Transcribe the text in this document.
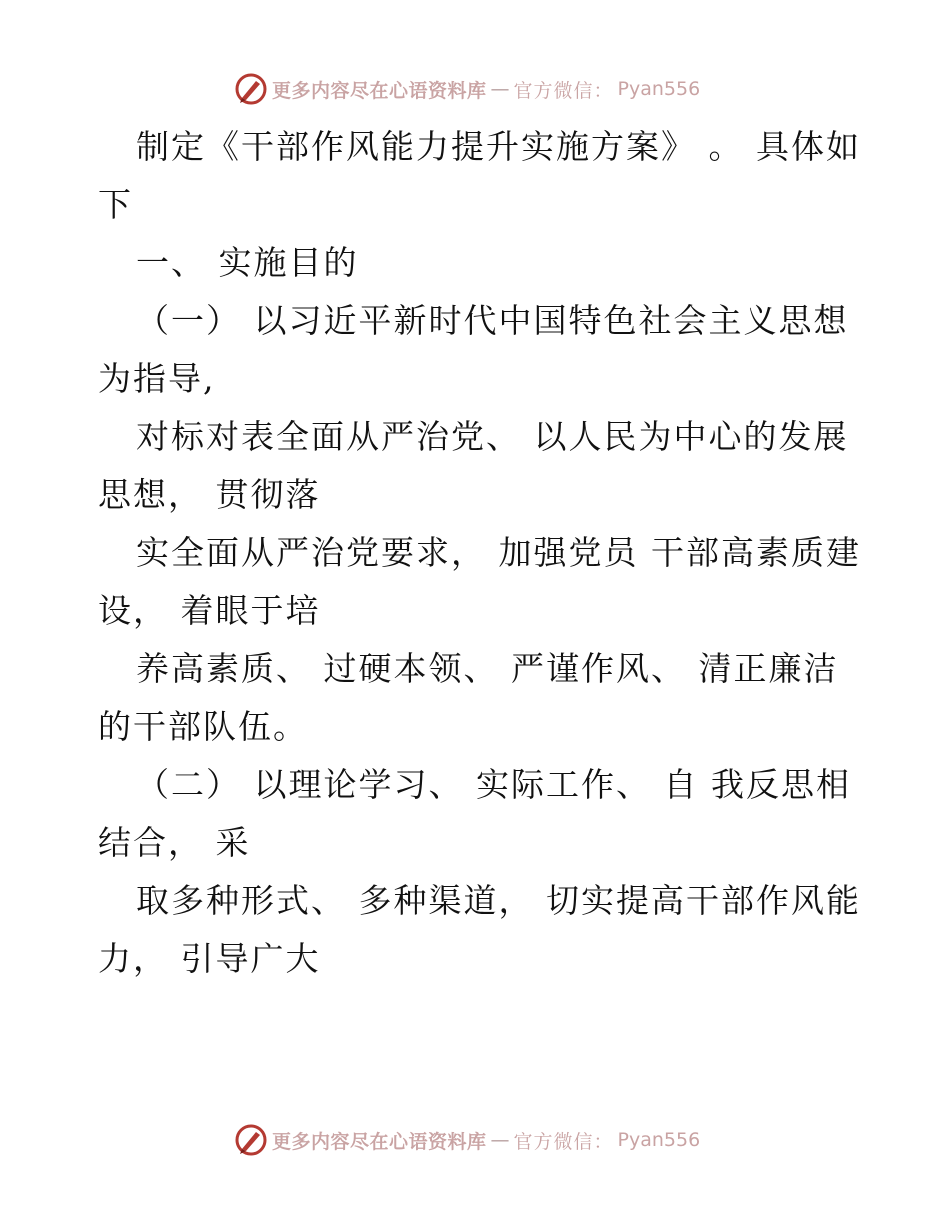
更多内容尽在心语资料库 — 官方微信： Pyan556
制定《干部作风能力提升实施方案》 。 具体如
下
一、 实施目的
（一） 以习近平新时代中国特色社会主义思想
为指导,
对标对表全面从严治党、 以人民为中心的发展
思想， 贯彻落
实全面从严治党要求， 加强党员 干部高素质建
设， 着眼于培
养高素质、 过硬本领、 严谨作风、 清正廉洁
的干部队伍。
（二） 以理论学习、 实际工作、 自 我反思相
结合， 采
取多种形式、 多种渠道， 切实提高干部作风能
力， 引导广大
更多内容尽在心语资料库 — 官方微信： Pyan556
